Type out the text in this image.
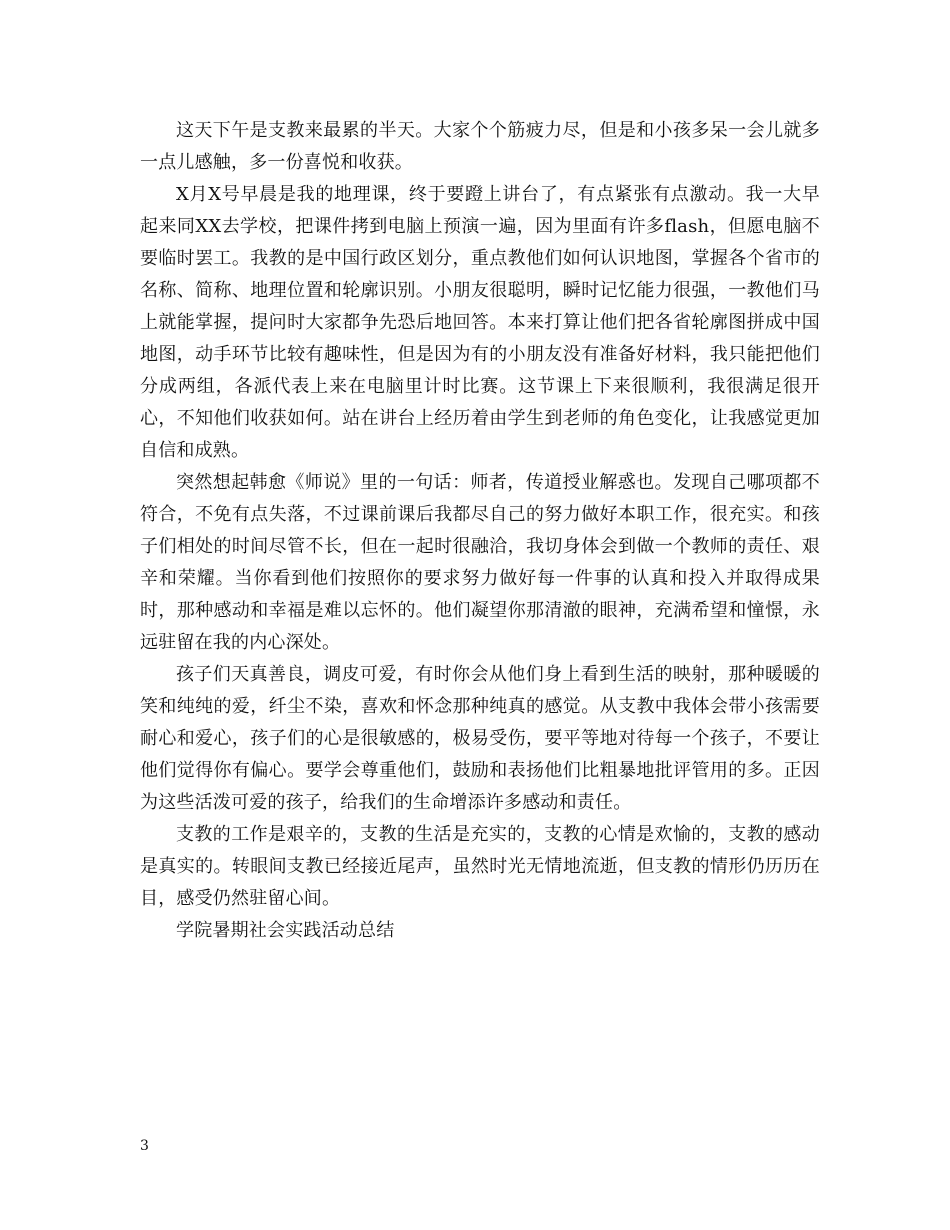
这天下午是支教来最累的半天。大家个个筋疲力尽，但是和小孩多呆一会儿就多一点儿感触，多一份喜悦和收获。

X月X号早晨是我的地理课，终于要蹬上讲台了，有点紧张有点激动。我一大早起来同XX去学校，把课件拷到电脑上预演一遍，因为里面有许多flash，但愿电脑不要临时罢工。我教的是中国行政区划分，重点教他们如何认识地图，掌握各个省市的名称、简称、地理位置和轮廓识别。小朋友很聪明，瞬时记忆能力很强，一教他们马上就能掌握，提问时大家都争先恐后地回答。本来打算让他们把各省轮廓图拼成中国地图，动手环节比较有趣味性，但是因为有的小朋友没有准备好材料，我只能把他们分成两组，各派代表上来在电脑里计时比赛。这节课上下来很顺利，我很满足很开心，不知他们收获如何。站在讲台上经历着由学生到老师的角色变化，让我感觉更加自信和成熟。

突然想起韩愈《师说》里的一句话：师者，传道授业解惑也。发现自己哪项都不符合，不免有点失落，不过课前课后我都尽自己的努力做好本职工作，很充实。和孩子们相处的时间尽管不长，但在一起时很融洽，我切身体会到做一个教师的责任、艰辛和荣耀。当你看到他们按照你的要求努力做好每一件事的认真和投入并取得成果时，那种感动和幸福是难以忘怀的。他们凝望你那清澈的眼神，充满希望和憧憬，永远驻留在我的内心深处。

孩子们天真善良，调皮可爱，有时你会从他们身上看到生活的映射，那种暖暖的笑和纯纯的爱，纤尘不染，喜欢和怀念那种纯真的感觉。从支教中我体会带小孩需要耐心和爱心，孩子们的心是很敏感的，极易受伤，要平等地对待每一个孩子，不要让他们觉得你有偏心。要学会尊重他们，鼓励和表扬他们比粗暴地批评管用的多。正因为这些活泼可爱的孩子，给我们的生命增添许多感动和责任。

支教的工作是艰辛的，支教的生活是充实的，支教的心情是欢愉的，支教的感动是真实的。转眼间支教已经接近尾声，虽然时光无情地流逝，但支教的情形仍历历在目，感受仍然驻留心间。

学院暑期社会实践活动总结

3
